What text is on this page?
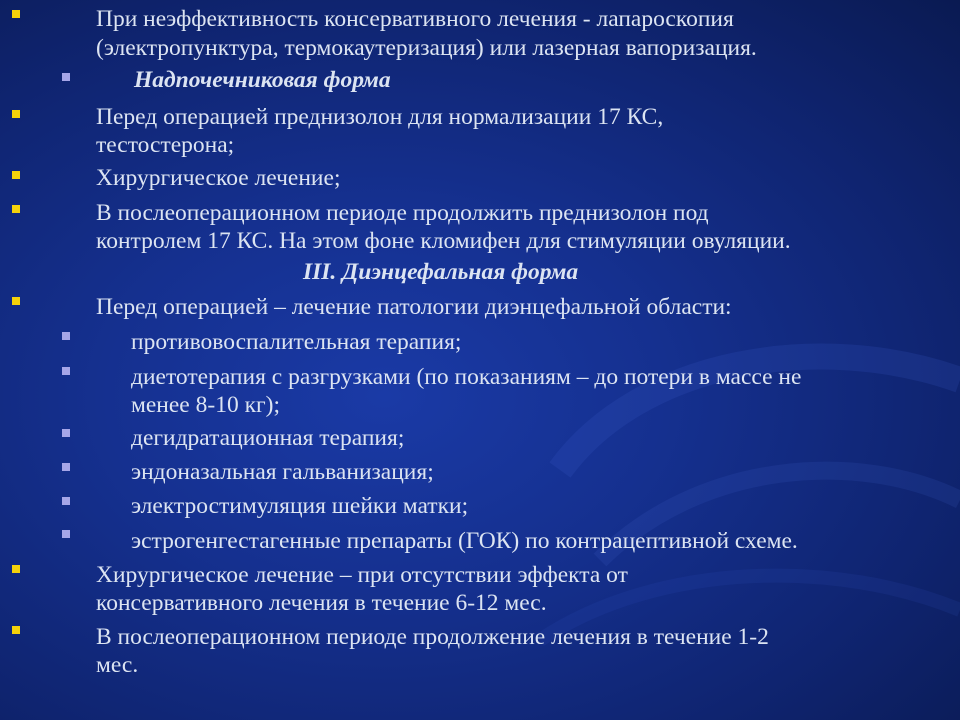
При неэффективность консервативного лечения - лапароскопия
(электропунктура, термокаутеризация) или лазерная вапоризация.
Надпочечниковая форма
Перед операцией преднизолон для нормализации 17 КС,
тестостерона;
Хирургическое лечение;
В послеоперационном периоде продолжить преднизолон под
контролем 17 КС. На этом фоне кломифен для стимуляции овуляции.
III. Диэнцефальная форма
Перед операцией – лечение патологии диэнцефальной области:
противовоспалительная терапия;
диетотерапия с разгрузками (по показаниям – до потери в массе не
менее 8-10 кг);
дегидратационная терапия;
эндоназальная гальванизация;
электростимуляция шейки матки;
эстрогенгестагенные препараты (ГОК) по контрацептивной схеме.
Хирургическое лечение – при отсутствии эффекта от
консервативного лечения в течение 6-12 мес.
В послеоперационном периоде продолжение лечения в течение 1-2
мес.
